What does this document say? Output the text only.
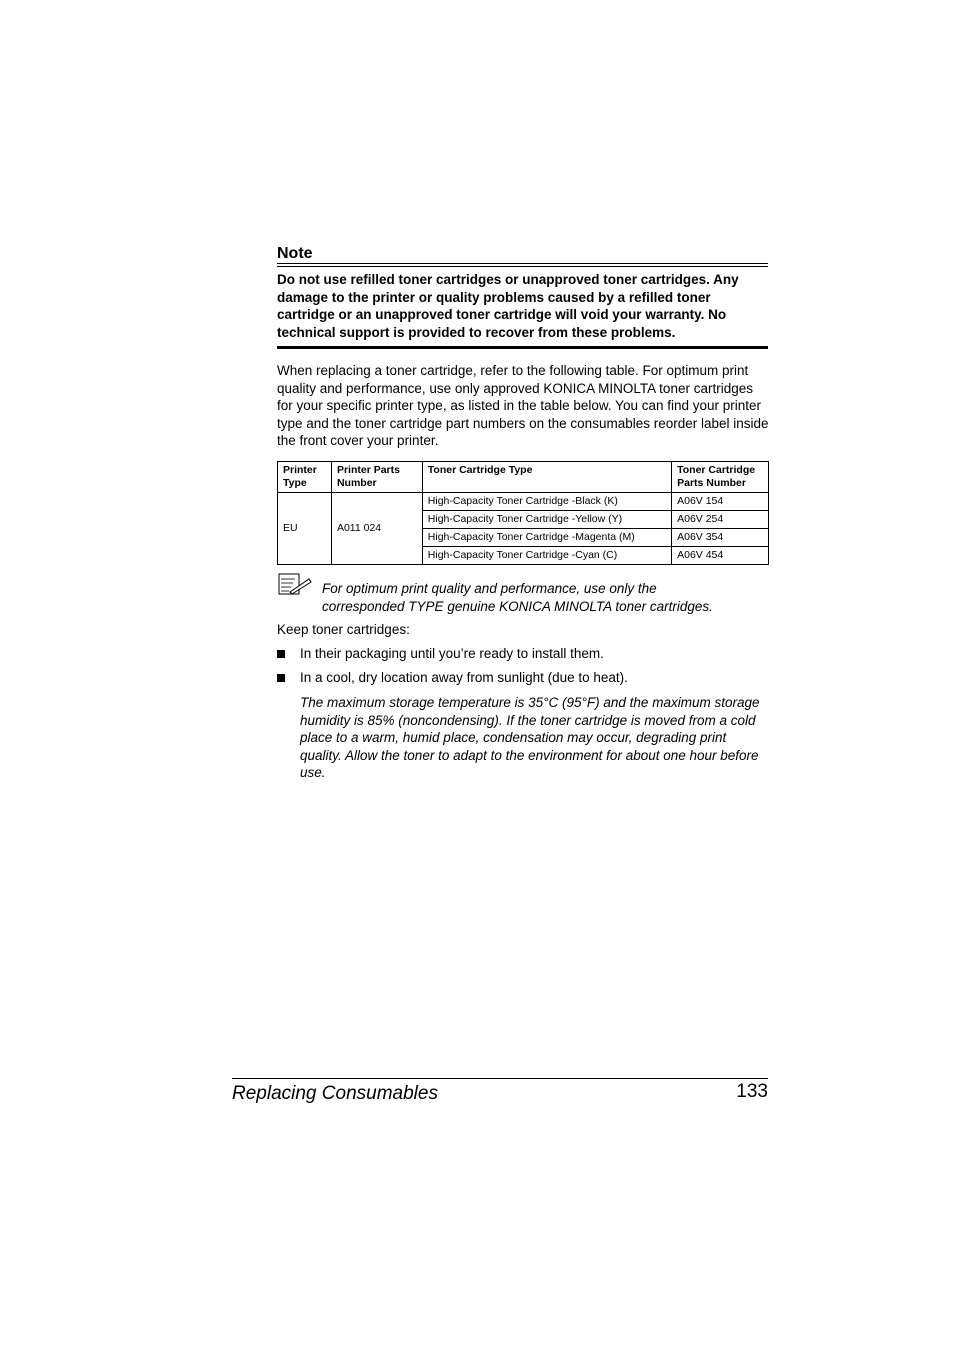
Note
Do not use refilled toner cartridges or unapproved toner cartridges. Any damage to the printer or quality problems caused by a refilled toner cartridge or an unapproved toner cartridge will void your warranty. No technical support is provided to recover from these problems.
When replacing a toner cartridge, refer to the following table. For optimum print quality and performance, use only approved KONICA MINOLTA toner cartridges for your specific printer type, as listed in the table below. You can find your printer type and the toner cartridge part numbers on the consumables reorder label inside the front cover your printer.
Printer Type	Printer Parts Number	Toner Cartridge Type	Toner Cartridge Parts Number
EU	A011 024	High-Capacity Toner Cartridge -Black (K)	A06V 154
		High-Capacity Toner Cartridge -Yellow (Y)	A06V 254
		High-Capacity Toner Cartridge -Magenta (M)	A06V 354
		High-Capacity Toner Cartridge -Cyan (C)	A06V 454
For optimum print quality and performance, use only the corresponded TYPE genuine KONICA MINOLTA toner cartridges.
Keep toner cartridges:
In their packaging until you’re ready to install them.
In a cool, dry location away from sunlight (due to heat).
The maximum storage temperature is 35°C (95°F) and the maximum storage humidity is 85% (noncondensing). If the toner cartridge is moved from a cold place to a warm, humid place, condensation may occur, degrading print quality. Allow the toner to adapt to the environment for about one hour before use.
Replacing Consumables	133
